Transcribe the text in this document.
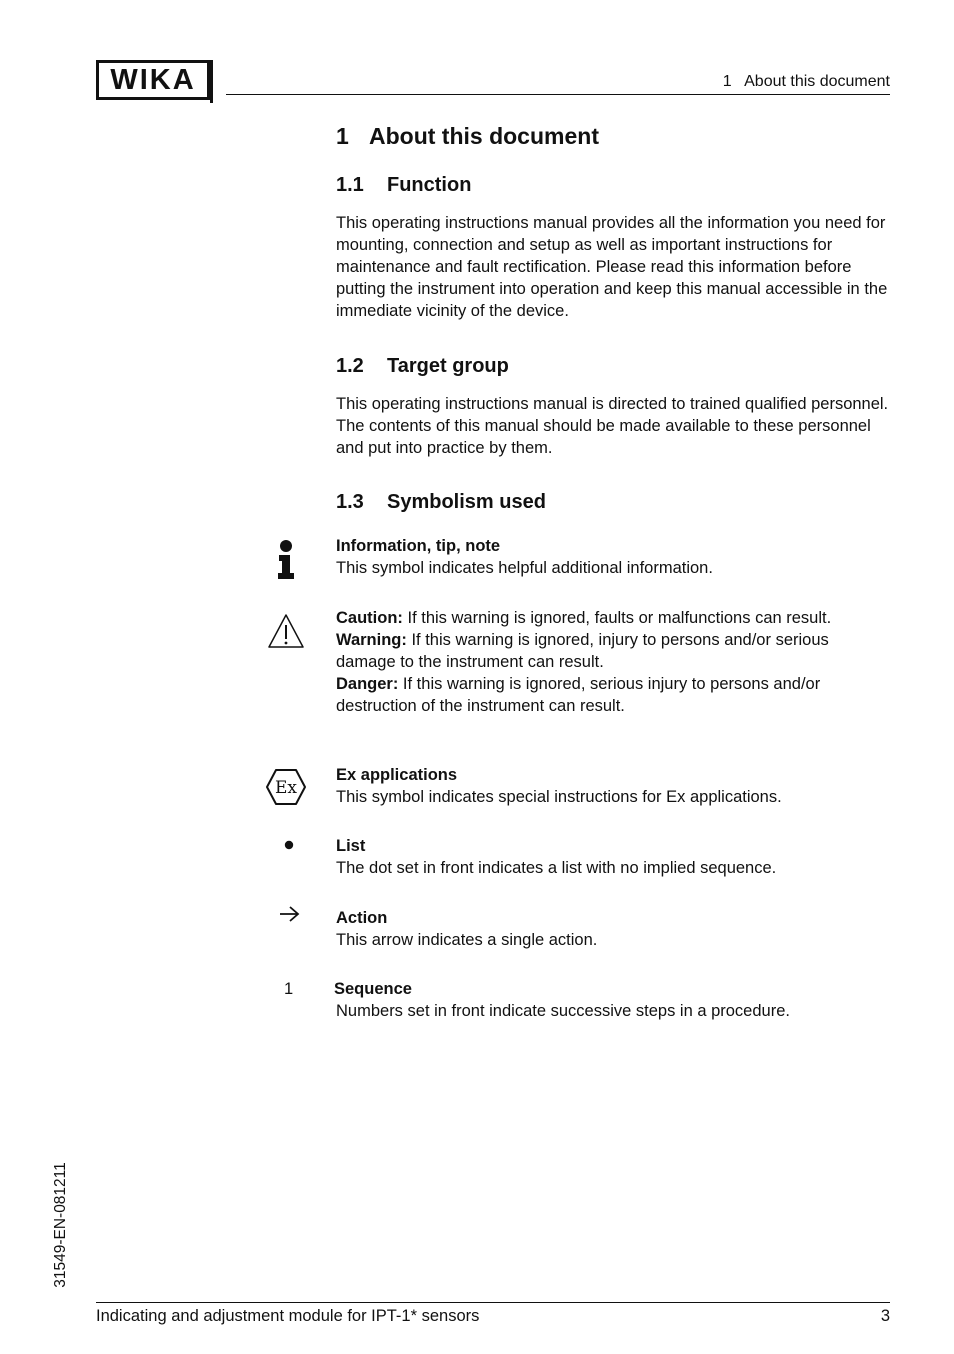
WIKA	1   About this document
1 About this document
1.1 Function
This operating instructions manual provides all the information you need for mounting, connection and setup as well as important instructions for maintenance and fault rectification. Please read this information before putting the instrument into operation and keep this manual accessible in the immediate vicinity of the device.
1.2 Target group
This operating instructions manual is directed to trained qualified personnel. The contents of this manual should be made available to these personnel and put into practice by them.
1.3 Symbolism used
Information, tip, note
This symbol indicates helpful additional information.
Caution: If this warning is ignored, faults or malfunctions can result.
Warning: If this warning is ignored, injury to persons and/or serious damage to the instrument can result.
Danger: If this warning is ignored, serious injury to persons and/or destruction of the instrument can result.
Ex
Ex applications
This symbol indicates special instructions for Ex applications.
List
The dot set in front indicates a list with no implied sequence.
Action
This arrow indicates a single action.
1 Sequence
Numbers set in front indicate successive steps in a procedure.
31549-EN-081211
Indicating and adjustment module for IPT-1* sensors	3
